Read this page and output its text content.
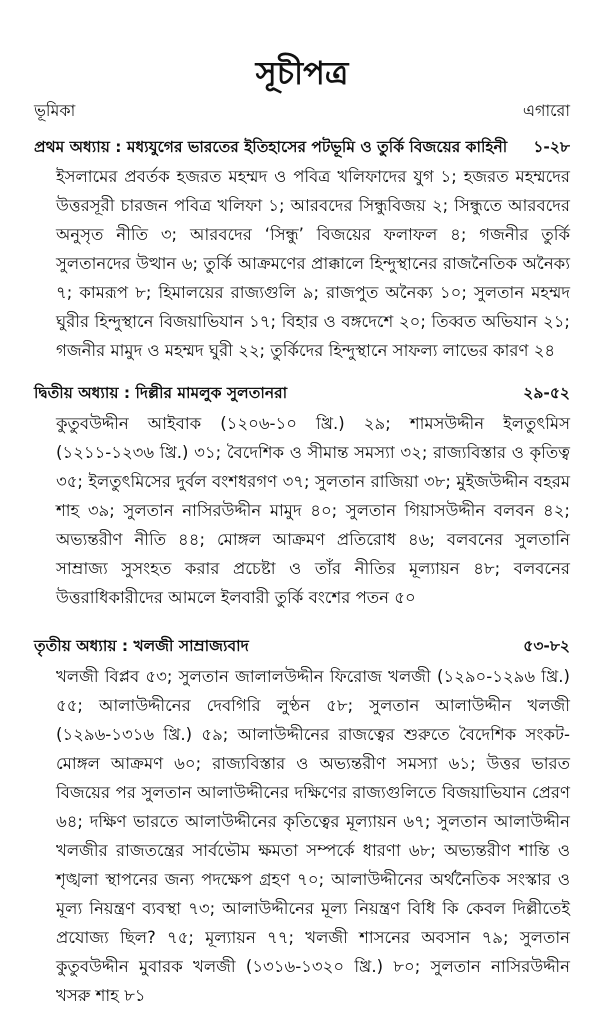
সূচীপত্র
ভূমিকা	এগারো
প্রথম অধ্যায় : মধ্যযুগের ভারতের ইতিহাসের পটভূমি ও তুর্কি বিজয়ের কাহিনী	১-২৮
ইসলামের প্রবর্তক হজরত মহম্মদ ও পবিত্র খলিফাদের যুগ ১; হজরত মহম্মদের উত্তরসূরী চারজন পবিত্র খলিফা ১; আরবদের সিন্ধুবিজয় ২; সিন্ধুতে আরবদের অনুসৃত নীতি ৩; আরবদের ‘সিন্ধু’ বিজয়ের ফলাফল ৪; গজনীর তুর্কি সুলতানদের উত্থান ৬; তুর্কি আক্রমণের প্রাক্কালে হিন্দুস্থানের রাজনৈতিক অনৈক্য ৭; কামরূপ ৮; হিমালয়ের রাজ্যগুলি ৯; রাজপুত অনৈক্য ১০; সুলতান মহম্মদ ঘুরীর হিন্দুস্থানে বিজয়াভিযান ১৭; বিহার ও বঙ্গদেশে ২০; তিব্বত অভিযান ২১; গজনীর মামুদ ও মহম্মদ ঘুরী ২২; তুর্কিদের হিন্দুস্থানে সাফল্য লাভের কারণ ২৪
দ্বিতীয় অধ্যায় : দিল্লীর মামলুক সুলতানরা	২৯-৫২
কুতুবউদ্দীন আইবাক (১২০৬-১০ খ্রি.) ২৯; শামসউদ্দীন ইলতুৎমিস (১২১১-১২৩৬ খ্রি.) ৩১; বৈদেশিক ও সীমান্ত সমস্যা ৩২; রাজ্যবিস্তার ও কৃতিত্ব ৩৫; ইলতুৎমিসের দুর্বল বংশধরগণ ৩৭; সুলতান রাজিয়া ৩৮; মুইজউদ্দীন বহরম শাহ ৩৯; সুলতান নাসিরউদ্দীন মামুদ ৪০; সুলতান গিয়াসউদ্দীন বলবন ৪২; অভ্যন্তরীণ নীতি ৪৪; মোঙ্গল আক্রমণ প্রতিরোধ ৪৬; বলবনের সুলতানি সাম্রাজ্য সুসংহত করার প্রচেষ্টা ও তাঁর নীতির মূল্যায়ন ৪৮; বলবনের উত্তরাধিকারীদের আমলে ইলবারী তুর্কি বংশের পতন ৫০
তৃতীয় অধ্যায় : খলজী সাম্রাজ্যবাদ	৫৩-৮২
খলজী বিপ্লব ৫৩; সুলতান জালালউদ্দীন ফিরোজ খলজী (১২৯০-১২৯৬ খ্রি.) ৫৫; আলাউদ্দীনের দেবগিরি লুণ্ঠন ৫৮; সুলতান আলাউদ্দীন খলজী (১২৯৬-১৩১৬ খ্রি.) ৫৯; আলাউদ্দীনের রাজত্বের শুরুতে বৈদেশিক সংকট-মোঙ্গল আক্রমণ ৬০; রাজ্যবিস্তার ও অভ্যন্তরীণ সমস্যা ৬১; উত্তর ভারত বিজয়ের পর সুলতান আলাউদ্দীনের দক্ষিণের রাজ্যগুলিতে বিজয়াভিযান প্রেরণ ৬৪; দক্ষিণ ভারতে আলাউদ্দীনের কৃতিত্বের মূল্যায়ন ৬৭; সুলতান আলাউদ্দীন খলজীর রাজতন্ত্রের সার্বভৌম ক্ষমতা সম্পর্কে ধারণা ৬৮; অভ্যন্তরীণ শান্তি ও শৃঙ্খলা স্থাপনের জন্য পদক্ষেপ গ্রহণ ৭০; আলাউদ্দীনের অর্থনৈতিক সংস্কার ও মূল্য নিয়ন্ত্রণ ব্যবস্থা ৭৩; আলাউদ্দীনের মূল্য নিয়ন্ত্রণ বিধি কি কেবল দিল্লীতেই প্রযোজ্য ছিল? ৭৫; মূল্যায়ন ৭৭; খলজী শাসনের অবসান ৭৯; সুলতান কুতুবউদ্দীন মুবারক খলজী (১৩১৬-১৩২০ খ্রি.) ৮০; সুলতান নাসিরউদ্দীন খসরু শাহ ৮১
